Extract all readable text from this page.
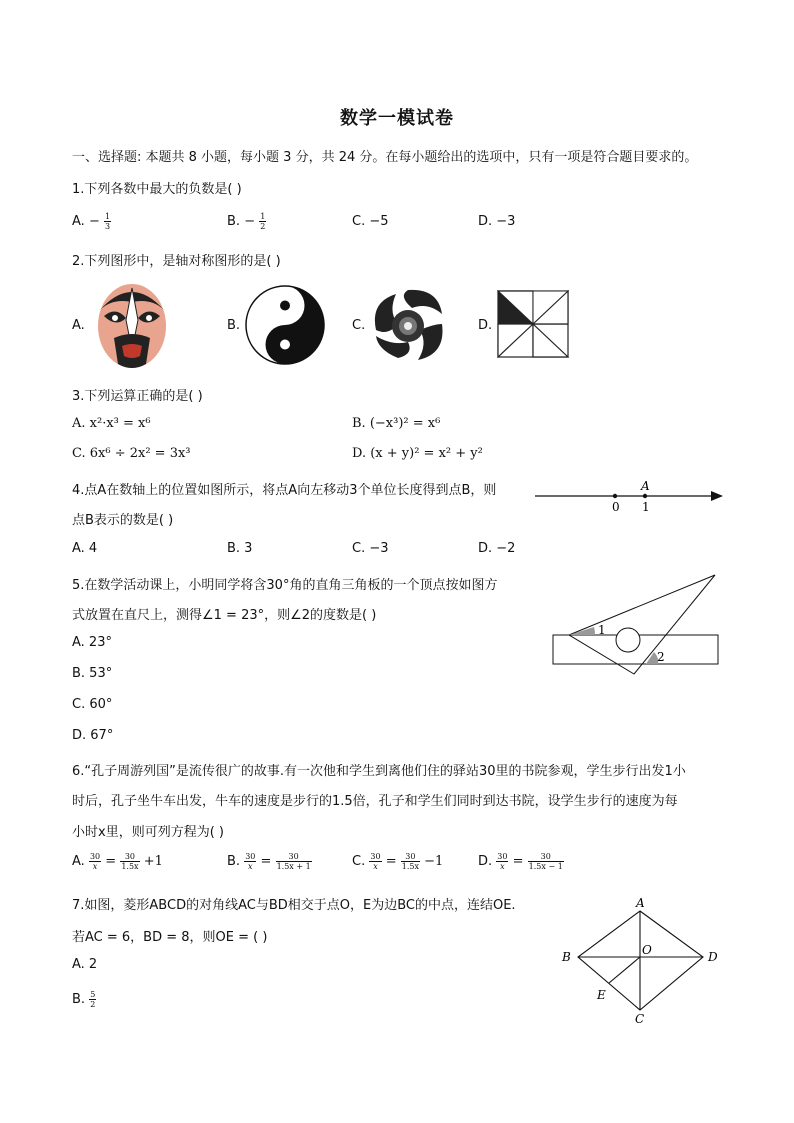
数学一模试卷
一、选择题: 本题共 8 小题，每小题 3 分，共 24 分。在每小题给出的选项中，只有一项是符合题目要求的。
1.下列各数中最大的负数是( )
A. − $\frac{1}{3}$	B. − $\frac{1}{2}$	C. −5	D. −3
2.下列图形中，是轴对称图形的是( )
A.	B.	C.	D.
3.下列运算正确的是( )
A. x²·x³ = x⁶	B. (−x³)² = x⁶
C. 6x⁶ ÷ 2x² = 3x³	D. (x + y)² = x² + y²
4.点A在数轴上的位置如图所示，将点A向左移动3个单位长度得到点B，则
点B表示的数是( )
0 1
A
A. 4	B. 3	C. −3	D. −2
5.在数学活动课上，小明同学将含30°角的直角三角板的一个顶点按如图方
式放置在直尺上，测得∠1 = 23°，则∠2的度数是( )
A. 23°
B. 53°
C. 60°
D. 67°
1
2
6.“孔子周游列国”是流传很广的故事.有一次他和学生到离他们住的驿站30里的书院参观，学生步行出发1小
时后，孔子坐牛车出发，牛车的速度是步行的1.5倍，孔子和学生们同时到达书院，设学生步行的速度为每
小时x里，则可列方程为( )
A. $\frac{30}{x} = \frac{30}{1.5x} +1$	B. $\frac{30}{x} = \frac{30}{1.5x + 1}$	C. $\frac{30}{x} = \frac{30}{1.5x} -1$	D. $\frac{30}{x} = \frac{30}{1.5x - 1}$
7.如图，菱形ABCD的对角线AC与BD相交于点O，E为边BC的中点，连结OE.
若AC = 6，BD = 8，则OE = ( )
A. 2
B. $\frac{5}{2}$
A
B
C
D
O
E
